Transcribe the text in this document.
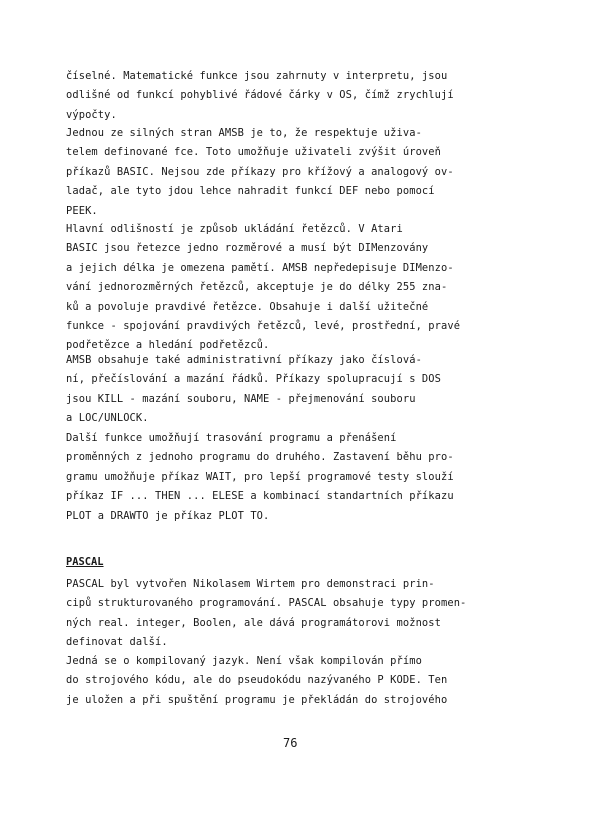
číselné. Matematické funkce jsou zahrnuty v interpretu, jsou
odlišné od funkcí pohyblivé řádové čárky v OS, čímž zrychlují
výpočty.
Jednou ze silných stran AMSB je to, že respektuje uživa-
telem definované fce. Toto umožňuje uživateli zvýšit úroveň
příkazů BASIC. Nejsou zde příkazy pro křížový a analogový ov-
ladač, ale tyto jdou lehce nahradit funkcí DEF nebo pomocí
PEEK.
Hlavní odlišností je způsob ukládání řetězců. V Atari
BASIC jsou řetezce jedno rozměrové a musí být DIMenzovány
a jejich délka je omezena pamětí. AMSB nepředepisuje DIMenzo-
vání jednorozměrných řetězců, akceptuje je do délky 255 zna-
ků a povoluje pravdivé řetězce. Obsahuje i další užitečné
funkce - spojování pravdivých řetězců, levé, prostřední, pravé
podřetězce a hledání podřetězců.
AMSB obsahuje také administrativní příkazy jako číslová-
ní, přečíslování a mazání řádků. Příkazy spolupracují s DOS
jsou KILL - mazání souboru, NAME - přejmenování souboru
a LOC/UNLOCK.
Další funkce umožňují trasování programu a přenášení
proměnných z jednoho programu do druhého. Zastavení běhu pro-
gramu umožňuje příkaz WAIT, pro lepší programové testy slouží
příkaz IF ... THEN ... ELESE a kombinací standartních příkazu
PLOT a DRAWTO je příkaz PLOT TO.
PASCAL
PASCAL byl vytvořen Nikolasem Wirtem pro demonstraci prin-
cipů strukturovaného programování. PASCAL obsahuje typy promen-
ných real. integer, Boolen, ale dává programátorovi možnost
definovat další.
Jedná se o kompilovaný jazyk. Není však kompilován přímo
do strojového kódu, ale do pseudokódu nazývaného P KODE. Ten
je uložen a při spuštění programu je překládán do strojového

76
